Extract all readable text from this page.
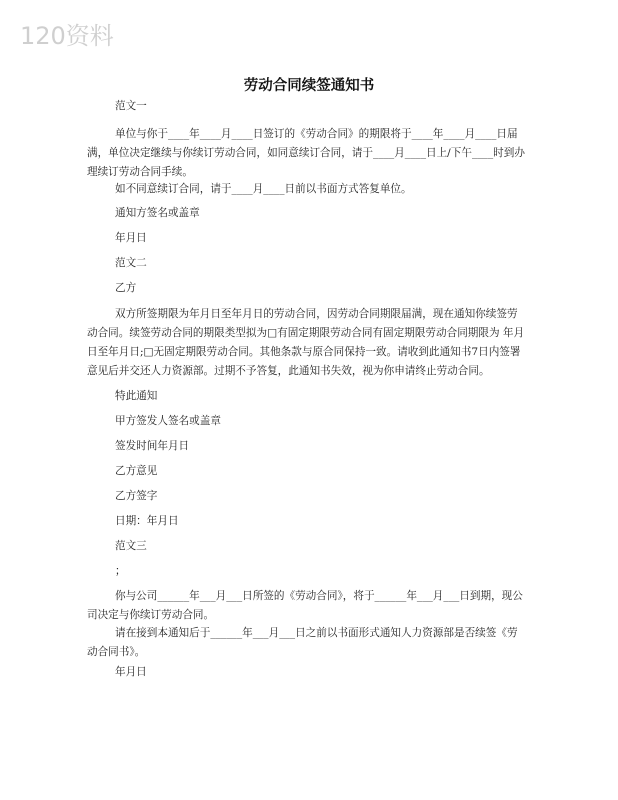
120资料
劳动合同续签通知书
范文一
单位与你于____年____月____日签订的《劳动合同》的期限将于____年____月____日届满，单位决定继续与你续订劳动合同，如同意续订合同，请于____月____日上/下午____时到办理续订劳动合同手续。
如不同意续订合同，请于____月____日前以书面方式答复单位。
通知方签名或盖章
年月日
范文二
乙方
双方所签期限为年月日至年月日的劳动合同，因劳动合同期限届满，现在通知你续签劳动合同。续签劳动合同的期限类型拟为□有固定期限劳动合同有固定期限劳动合同期限为 年月日至年月日;□无固定期限劳动合同。其他条款与原合同保持一致。请收到此通知书7日内签署意见后并交还人力资源部。过期不予答复，此通知书失效，视为你申请终止劳动合同。
特此通知
甲方签发人签名或盖章
签发时间年月日
乙方意见
乙方签字
日期：年月日
范文三
；
你与公司______年___月___日所签的《劳动合同》，将于______年___月___日到期，现公司决定与你续订劳动合同。
请在接到本通知后于______年___月___日之前以书面形式通知人力资源部是否续签《劳动合同书》。
年月日
